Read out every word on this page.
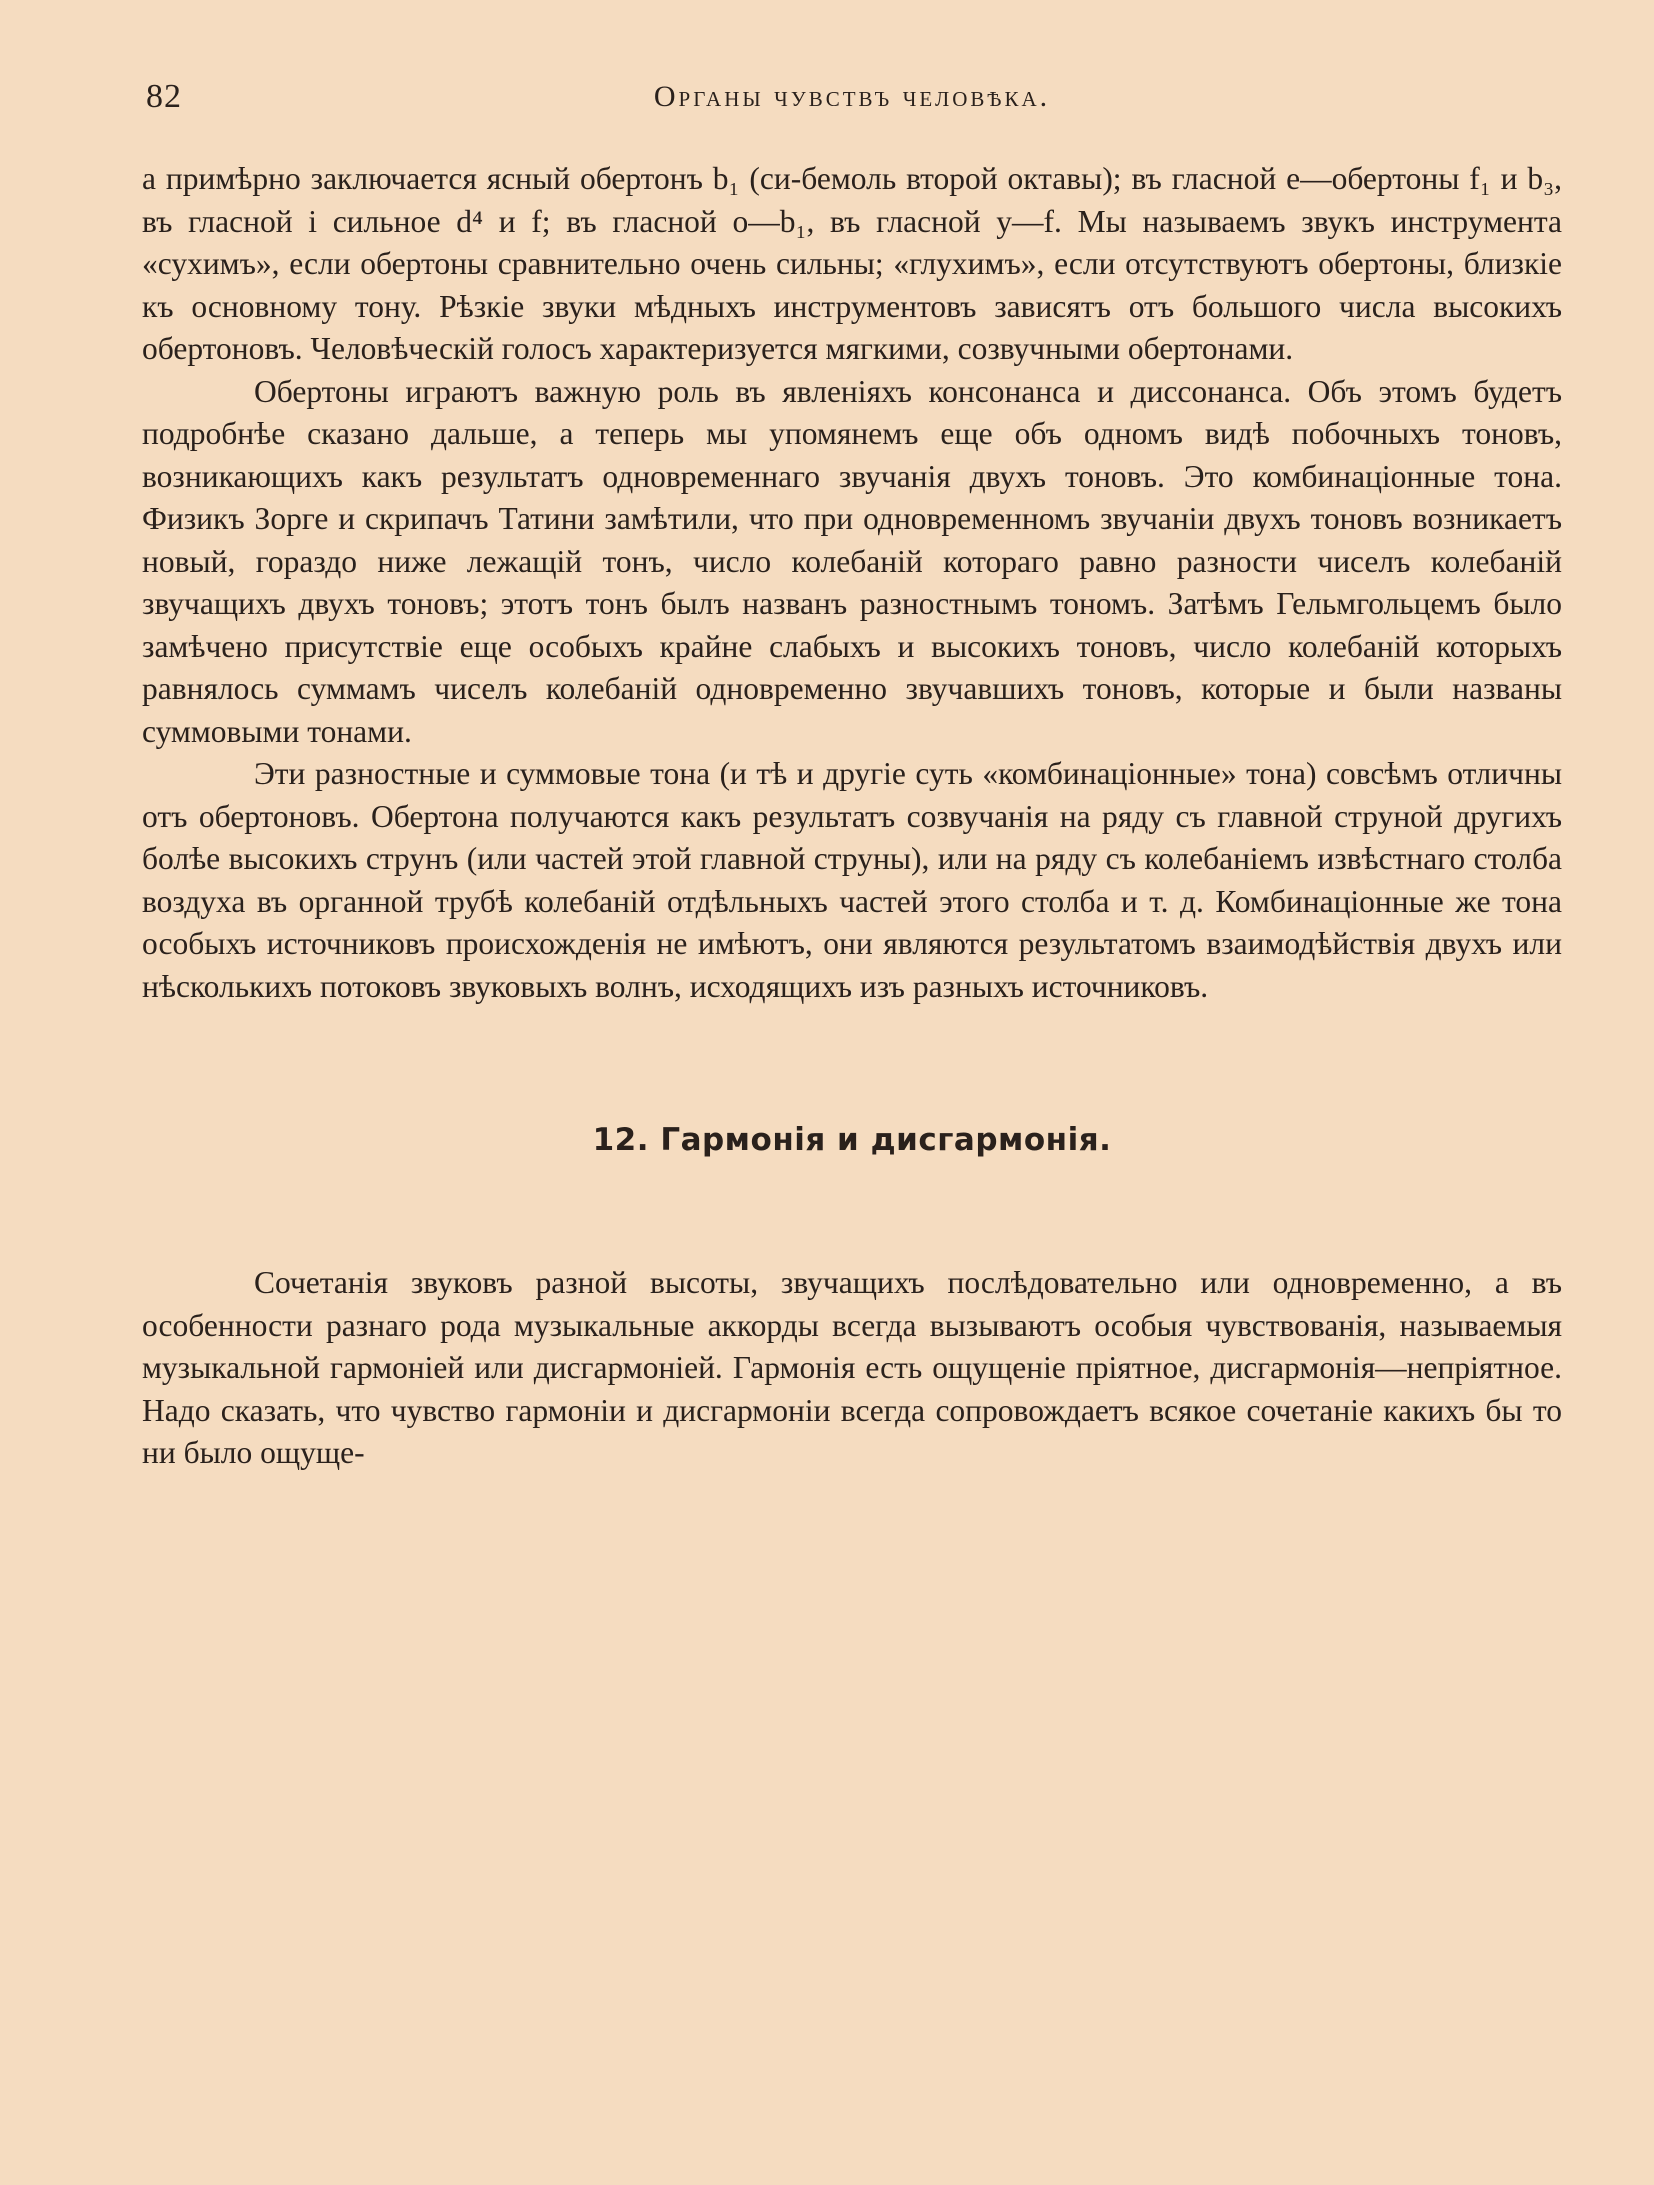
82	Органы чувствъ человѣка.

a примѣрно заключается ясный обертонъ b₁ (си-бемоль второй октавы); въ гласной e—обертоны f₁ и b₃, въ гласной i сильное d⁴ и f; въ гласной o—b₁, въ гласной y—f. Мы называемъ звукъ инструмента «сухимъ», если обертоны сравнительно очень сильны; «глухимъ», если отсутствуютъ обертоны, близкіе къ основному тону. Рѣзкіе звуки мѣдныхъ инструментовъ зависятъ отъ большого числа высокихъ обертоновъ. Человѣческій голосъ характеризуется мягкими, созвучными обертонами.

Обертоны играютъ важную роль въ явленіяхъ консонанса и диссонанса. Объ этомъ будетъ подробнѣе сказано дальше, а теперь мы упомянемъ еще объ одномъ видѣ побочныхъ тоновъ, возникающихъ какъ результатъ одновременнаго звучанія двухъ тоновъ. Это комбинаціонные тона. Физикъ Зорге и скрипачъ Татини замѣтили, что при одновременномъ звучаніи двухъ тоновъ возникаетъ новый, гораздо ниже лежащій тонъ, число колебаній котораго равно разности чиселъ колебаній звучащихъ двухъ тоновъ; этотъ тонъ былъ названъ разностнымъ тономъ. Затѣмъ Гельмгольцемъ было замѣчено присутствіе еще особыхъ крайне слабыхъ и высокихъ тоновъ, число колебаній которыхъ равнялось суммамъ чиселъ колебаній одновременно звучавшихъ тоновъ, которые и были названы суммовыми тонами.

Эти разностные и суммовые тона (и тѣ и другіе суть «комбинаціонные» тона) совсѣмъ отличны отъ обертоновъ. Обертона получаются какъ результатъ созвучанія на ряду съ главной струной другихъ болѣе высокихъ струнъ (или частей этой главной струны), или на ряду съ колебаніемъ извѣстнаго столба воздуха въ органной трубѣ колебаній отдѣльныхъ частей этого столба и т. д. Комбинаціонные же тона особыхъ источниковъ происхожденія не имѣютъ, они являются результатомъ взаимодѣйствія двухъ или нѣсколькихъ потоковъ звуковыхъ волнъ, исходящихъ изъ разныхъ источниковъ.

12. Гармонія и дисгармонія.

Сочетанія звуковъ разной высоты, звучащихъ послѣдовательно или одновременно, а въ особенности разнаго рода музыкальные аккорды всегда вызываютъ особыя чувствованія, называемыя музыкальной гармоніей или дисгармоніей. Гармонія есть ощущеніе пріятное, дисгармонія—непріятное. Надо сказать, что чувство гармоніи и дисгармоніи всегда сопровождаетъ всякое сочетаніе какихъ бы то ни было ощуще-
